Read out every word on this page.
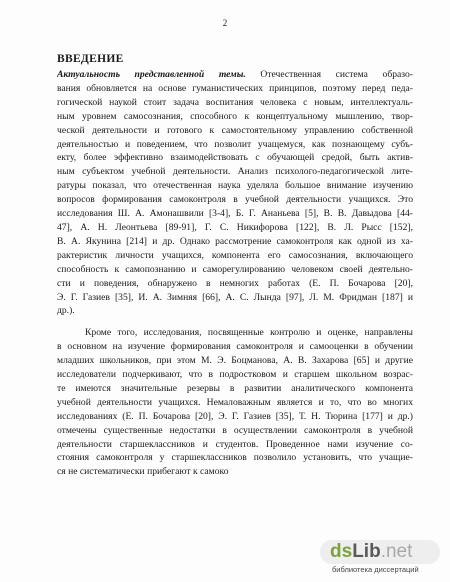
2
ВВЕДЕНИЕ
Актуальность представленной темы. Отечественная система образо-
вания обновляется на основе гуманистических принципов, поэтому перед педа-
гогической наукой стоит задача воспитания человека с новым, интеллектуаль-
ным уровнем самосознания, способного к концептуальному мышлению, твор-
ческой деятельности и готового к самостоятельному управлению собственной
деятельностью и поведением, что позволит учащемуся, как познающему субъ-
екту, более эффективно взаимодействовать с обучающей средой, быть актив-
ным субъектом учебной деятельности. Анализ психолого-педагогической лите-
ратуры показал, что отечественная наука уделяла большое внимание изучению
вопросов формирования самоконтроля в учебной деятельности учащихся. Это
исследования Ш. А. Амонашвили [3-4], Б. Г. Ананьева [5], В. В. Давыдова [44-
47], А. Н. Леонтьева [89-91], Г. С. Никифорова [122], В. Л. Рысс [152],
В. А. Якунина [214] и др. Однако рассмотрение самоконтроля как одной из ха-
рактеристик личности учащихся, компонента его самосознания, включающего
способность к самопознанию и саморегулированию человеком своей деятельно-
сти и поведения, обнаружено в немногих работах (Е. П. Бочарова [20],
Э. Г. Газиев [35], И. А. Зимняя [66], А. С. Лында [97], Л. М. Фридман [187] и
др.).
Кроме того, исследования, посвященные контролю и оценке, направлены
в основном на изучение формирования самоконтроля и самооценки в обучении
младших школьников, при этом М. Э. Боцманова, А. В. Захарова [65] и другие
исследователи подчеркивают, что в подростковом и старшем школьном возрас-
те имеются значительные резервы в развитии аналитического компонента
учебной деятельности учащихся. Немаловажным является и то, что во многих
исследованиях (Е. П. Бочарова [20], Э. Г. Газиев [35], Т. Н. Тюрина [177] и др.)
отмечены существенные недостатки в осуществлении самоконтроля в учебной
деятельности старшеклассников и студентов. Проведенное нами изучение со-
стояния самоконтроля у старшеклассников позволило установить, что учащие-
ся не систематически прибегают к самоко
dsLib.net
библиотека диссертаций
